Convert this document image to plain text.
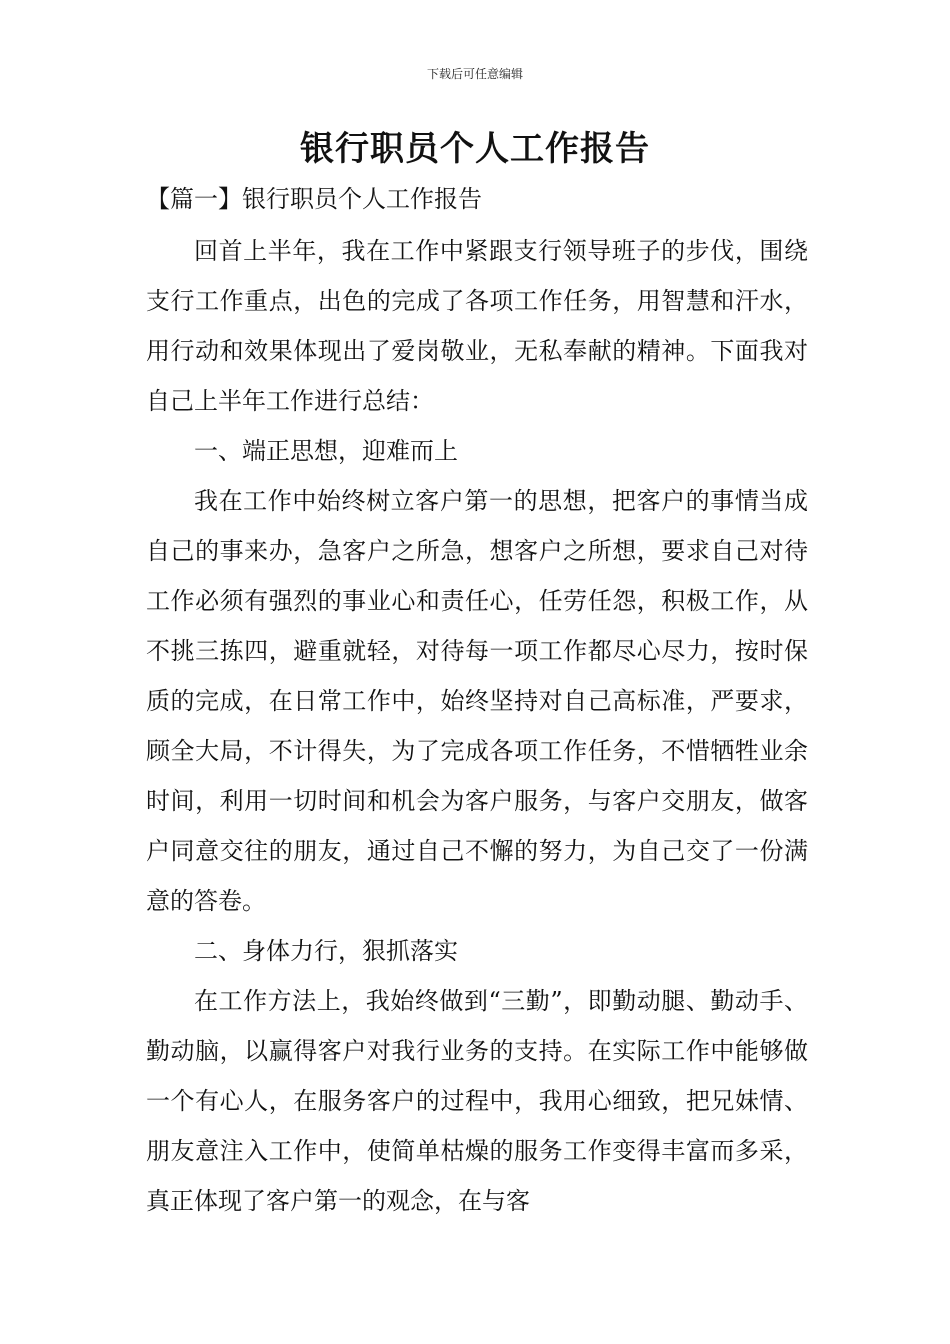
下载后可任意编辑
银行职员个人工作报告
【篇一】银行职员个人工作报告

回首上半年，我在工作中紧跟支行领导班子的步伐，围绕支行工作重点，出色的完成了各项工作任务，用智慧和汗水，用行动和效果体现出了爱岗敬业，无私奉献的精神。下面我对自己上半年工作进行总结：

一、端正思想，迎难而上

我在工作中始终树立客户第一的思想，把客户的事情当成自己的事来办，急客户之所急，想客户之所想，要求自己对待工作必须有强烈的事业心和责任心，任劳任怨，积极工作，从不挑三拣四，避重就轻，对待每一项工作都尽心尽力，按时保质的完成，在日常工作中，始终坚持对自己高标准，严要求，顾全大局，不计得失，为了完成各项工作任务，不惜牺牲业余时间，利用一切时间和机会为客户服务，与客户交朋友，做客户同意交往的朋友，通过自己不懈的努力，为自己交了一份满意的答卷。

二、身体力行，狠抓落实

在工作方法上，我始终做到“三勤”，即勤动腿、勤动手、勤动脑，以赢得客户对我行业务的支持。在实际工作中能够做一个有心人，在服务客户的过程中，我用心细致，把兄妹情、朋友意注入工作中，使简单枯燥的服务工作变得丰富而多采，真正体现了客户第一的观念，在与客
